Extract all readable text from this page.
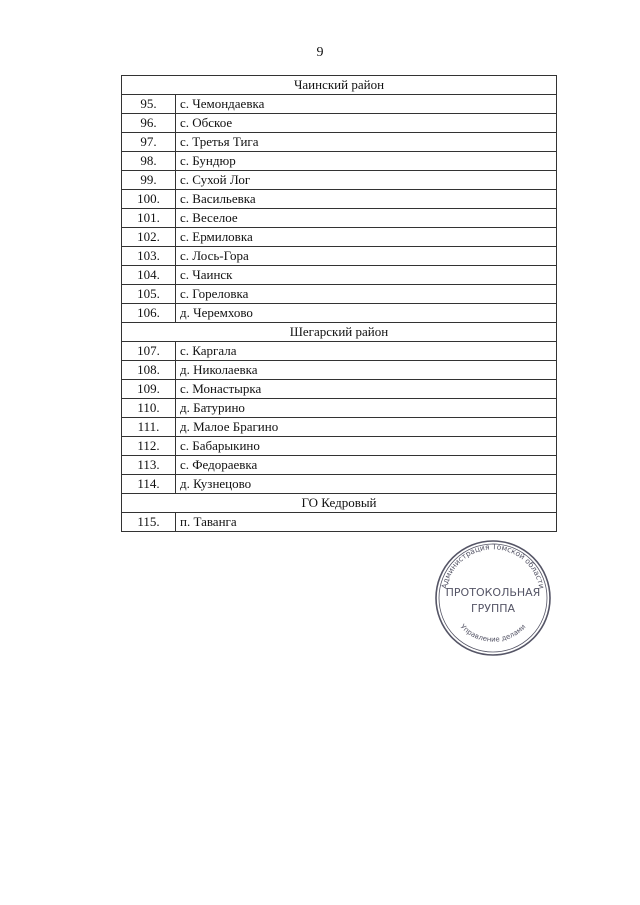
9
Чаинский район	
95.	с. Чемондаевка
96.	с. Обское
97.	с. Третья Тига
98.	с. Бундюр
99.	с. Сухой Лог
100.	с. Васильевка
101.	с. Веселое
102.	с. Ермиловка
103.	с. Лось-Гора
104.	с. Чаинск
105.	с. Гореловка
106.	д. Черемхово
Шегарский район	
107.	с. Каргала
108.	д. Николаевка
109.	с. Монастырка
110.	д. Батурино
111.	д. Малое Брагино
112.	с. Бабарыкино
113.	с. Федораевка
114.	д. Кузнецово
ГО Кедровый	
115.	п. Таванга
Администрация Томской области
Управление делами
ПРОТОКОЛЬНАЯ
ГРУППА
